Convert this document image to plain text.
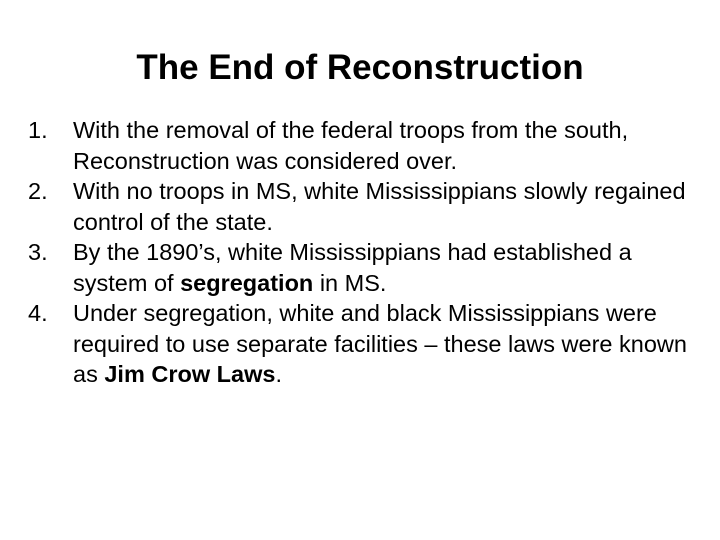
The End of Reconstruction
1.	With the removal of the federal troops from the south, Reconstruction was considered over.
2.	With no troops in MS, white Mississippians slowly regained control of the state.
3.	By the 1890’s, white Mississippians had established a system of segregation in MS.
4.	Under segregation, white and black Mississippians were required to use separate facilities – these laws were known as Jim Crow Laws.
